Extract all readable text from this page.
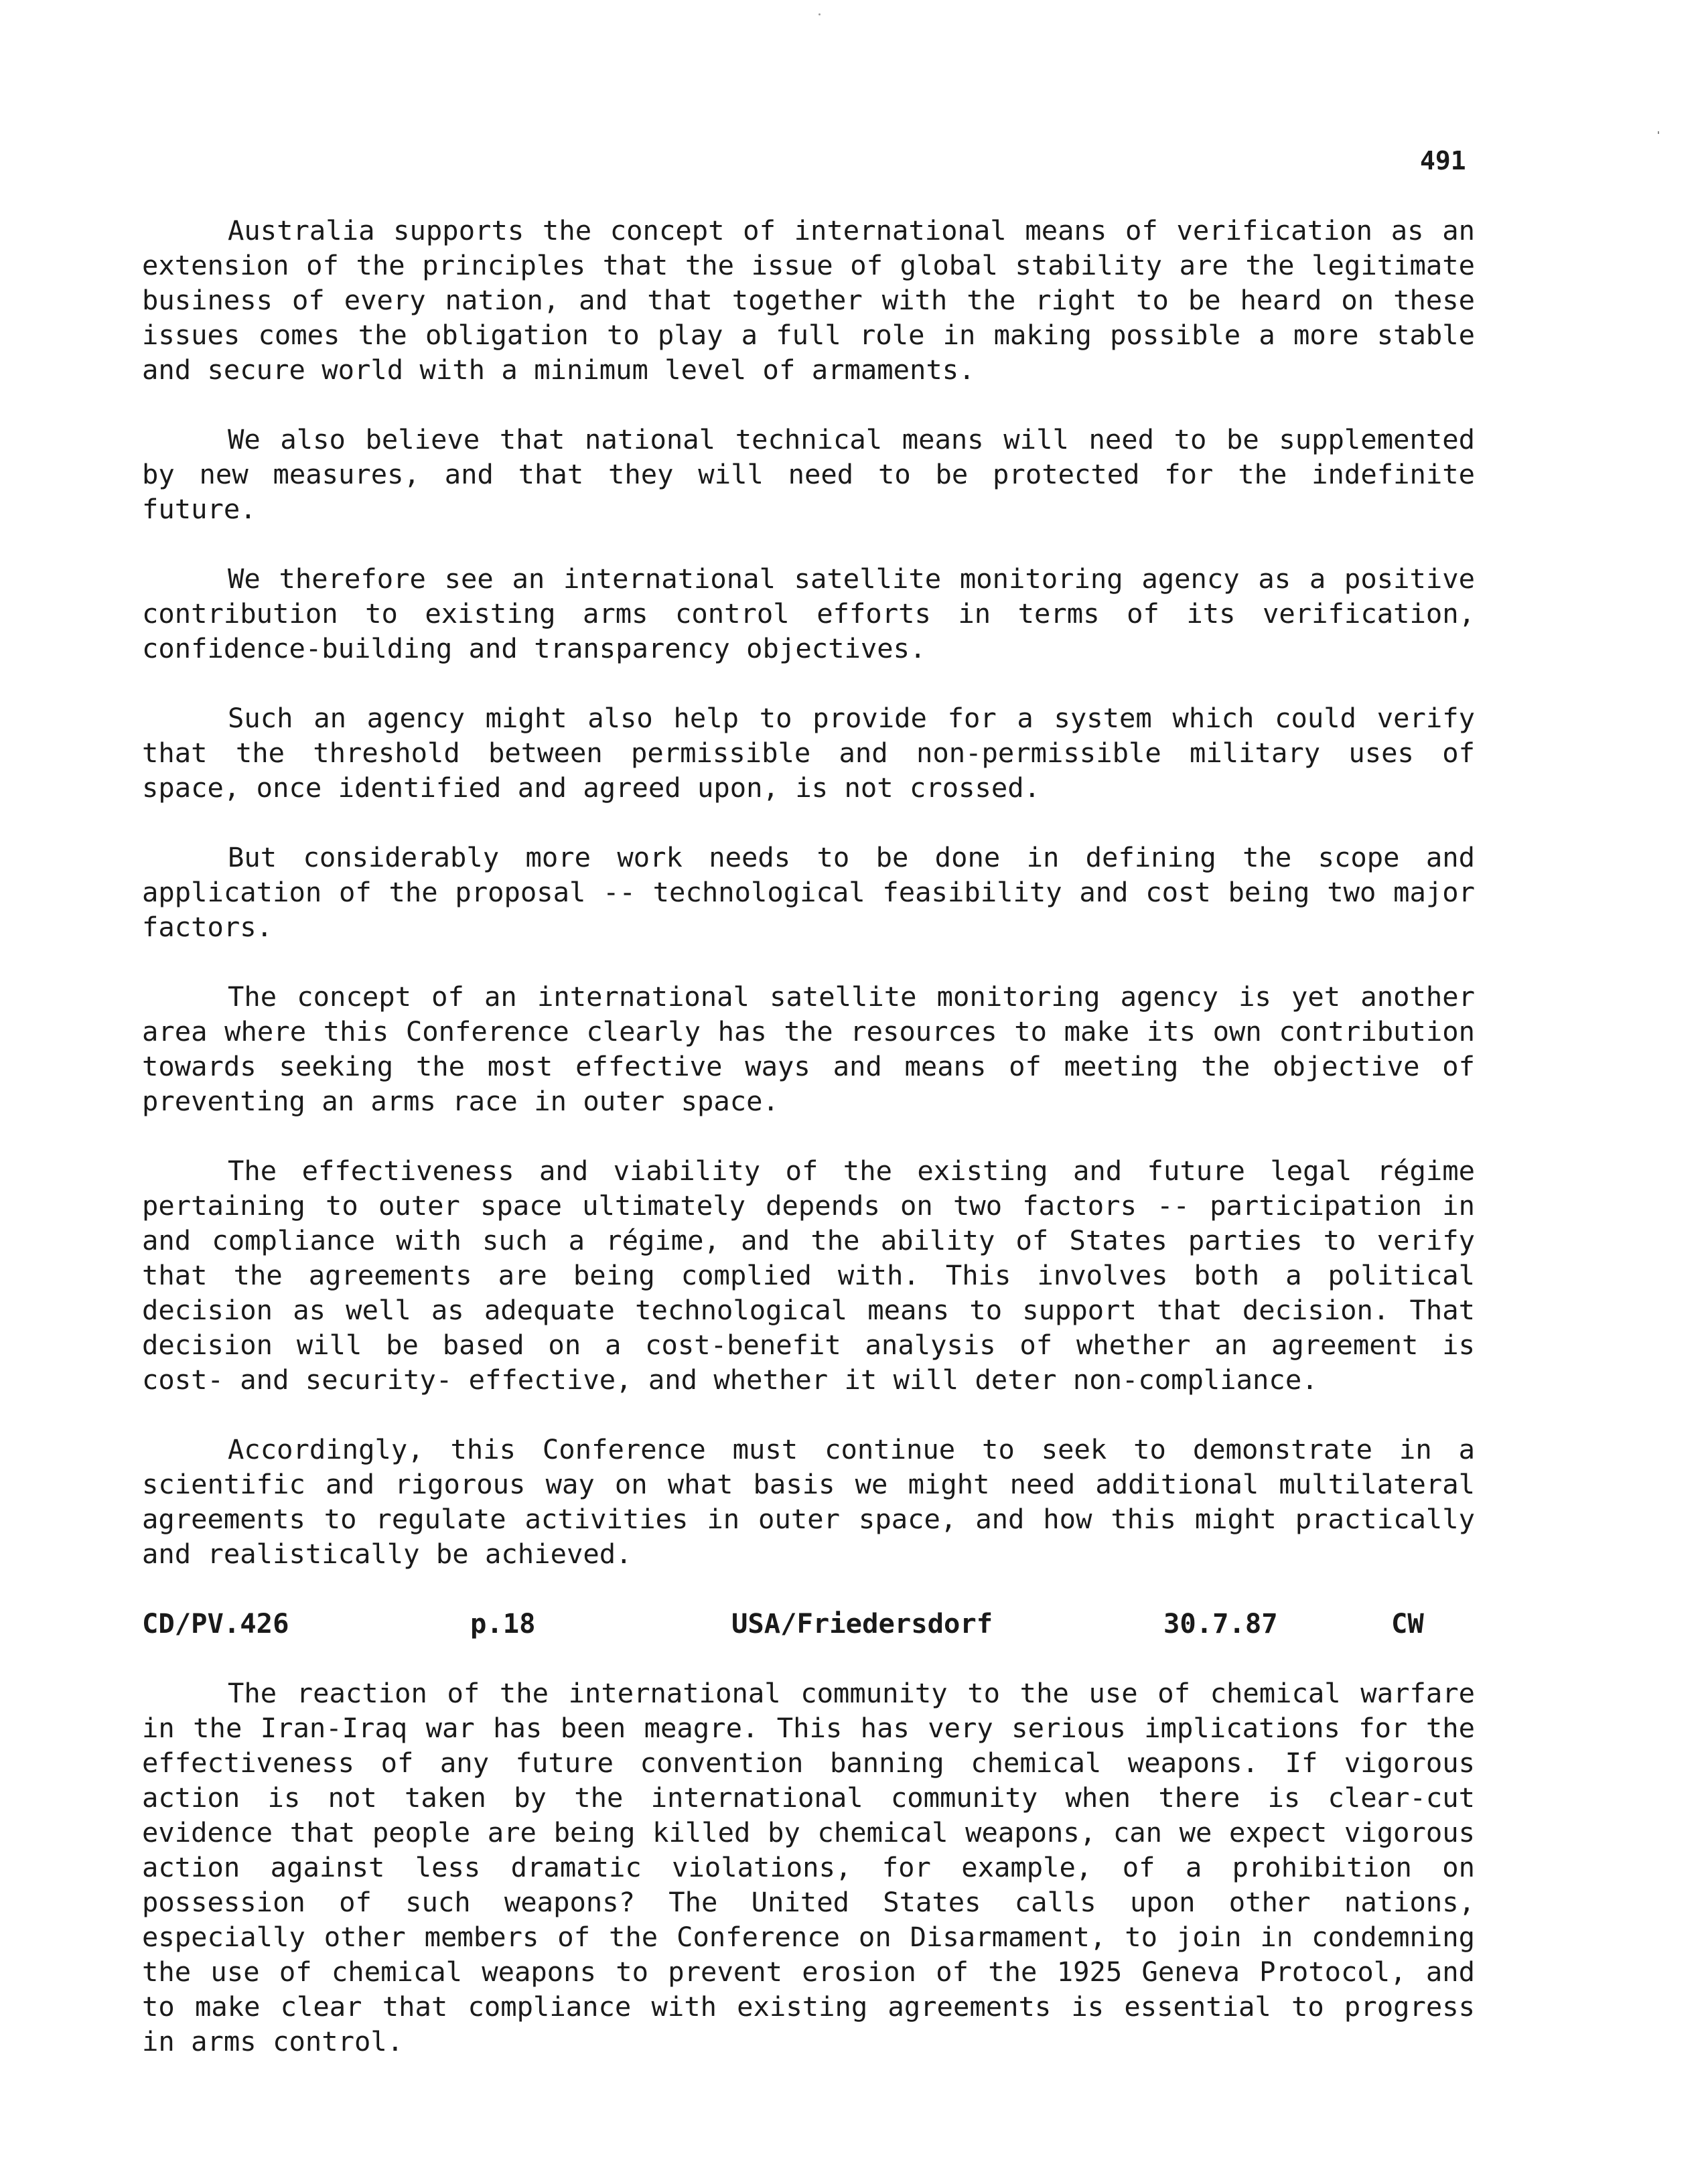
491

Australia supports the concept of international means of verification as an extension of the principles that the issue of global stability are the legitimate business of every nation, and that together with the right to be heard on these issues comes the obligation to play a full role in making possible a more stable and secure world with a minimum level of armaments.

We also believe that national technical means will need to be supplemented by new measures, and that they will need to be protected for the indefinite future.

We therefore see an international satellite monitoring agency as a positive contribution to existing arms control efforts in terms of its verification, confidence-building and transparency objectives.

Such an agency might also help to provide for a system which could verify that the threshold between permissible and non-permissible military uses of space, once identified and agreed upon, is not crossed.

But considerably more work needs to be done in defining the scope and application of the proposal -- technological feasibility and cost being two major factors.

The concept of an international satellite monitoring agency is yet another area where this Conference clearly has the resources to make its own contribution towards seeking the most effective ways and means of meeting the objective of preventing an arms race in outer space.

The effectiveness and viability of the existing and future legal régime pertaining to outer space ultimately depends on two factors -- participation in and compliance with such a régime, and the ability of States parties to verify that the agreements are being complied with. This involves both a political decision as well as adequate technological means to support that decision. That decision will be based on a cost-benefit analysis of whether an agreement is cost- and security- effective, and whether it will deter non-compliance.

Accordingly, this Conference must continue to seek to demonstrate in a scientific and rigorous way on what basis we might need additional multilateral agreements to regulate activities in outer space, and how this might practically and realistically be achieved.

CD/PV.426	p.18	USA/Friedersdorf	30.7.87	CW

The reaction of the international community to the use of chemical warfare in the Iran-Iraq war has been meagre. This has very serious implications for the effectiveness of any future convention banning chemical weapons. If vigorous action is not taken by the international community when there is clear-cut evidence that people are being killed by chemical weapons, can we expect vigorous action against less dramatic violations, for example, of a prohibition on possession of such weapons? The United States calls upon other nations, especially other members of the Conference on Disarmament, to join in condemning the use of chemical weapons to prevent erosion of the 1925 Geneva Protocol, and to make clear that compliance with existing agreements is essential to progress in arms control.
